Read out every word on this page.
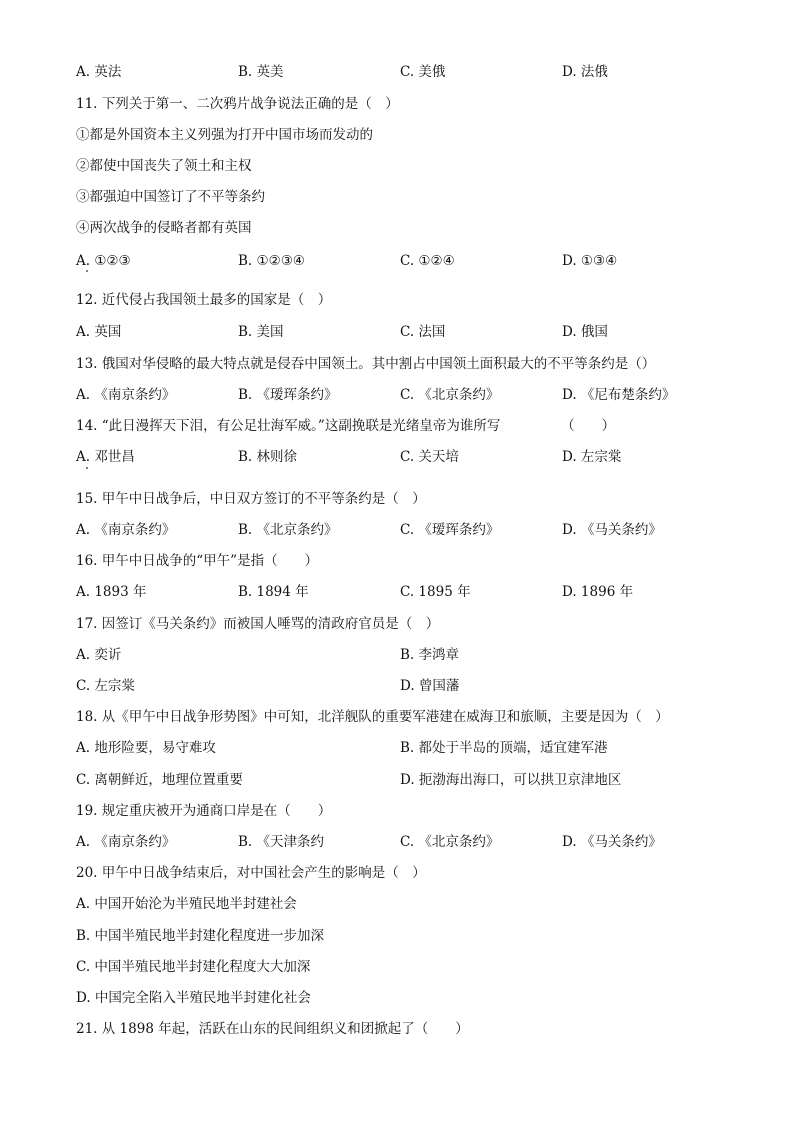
A. 英法	B. 英美	C. 美俄	D. 法俄
11. 下列关于第一、二次鸦片战争说法正确的是（　）
①都是外国资本主义列强为打开中国市场而发动的
②都使中国丧失了领土和主权
③都强迫中国签订了不平等条约
④两次战争的侵略者都有英国
A. ①②③	B. ①②③④	C. ①②④	D. ①③④
12. 近代侵占我国领土最多的国家是（　）
A. 英国	B. 美国	C. 法国	D. 俄国
13. 俄国对华侵略的最大特点就是侵吞中国领土。其中割占中国领土面积最大的不平等条约是（）
A. 《南京条约》	B. 《瑷珲条约》	C. 《北京条约》	D. 《尼布楚条约》
14. “此日漫挥天下泪，有公足壮海军威。”这副挽联是光绪皇帝为谁所写　　　　　（　　）
A. 邓世昌	B. 林则徐	C. 关天培	D. 左宗棠
15. 甲午中日战争后，中日双方签订的不平等条约是（　）
A. 《南京条约》	B. 《北京条约》	C. 《瑷珲条约》	D. 《马关条约》
16. 甲午中日战争的“甲午”是指（　　）
A. 1893 年	B. 1894 年	C. 1895 年	D. 1896 年
17. 因签订《马关条约》而被国人唾骂的清政府官员是（　）
A. 奕䜣	B. 李鸿章
C. 左宗棠	D. 曾国藩
18. 从《甲午中日战争形势图》中可知，北洋舰队的重要军港建在威海卫和旅顺，主要是因为（　）
A. 地形险要，易守难攻	B. 都处于半岛的顶端，适宜建军港
C. 离朝鲜近，地理位置重要	D. 扼渤海出海口，可以拱卫京津地区
19. 规定重庆被开为通商口岸是在（　　）
A. 《南京条约》	B. 《天津条约	C. 《北京条约》	D. 《马关条约》
20. 甲午中日战争结束后，对中国社会产生的影响是（　）
A. 中国开始沦为半殖民地半封建社会
B. 中国半殖民地半封建化程度进一步加深
C. 中国半殖民地半封建化程度大大加深
D. 中国完全陷入半殖民地半封建化社会
21. 从 1898 年起，活跃在山东的民间组织义和团掀起了（　　）
